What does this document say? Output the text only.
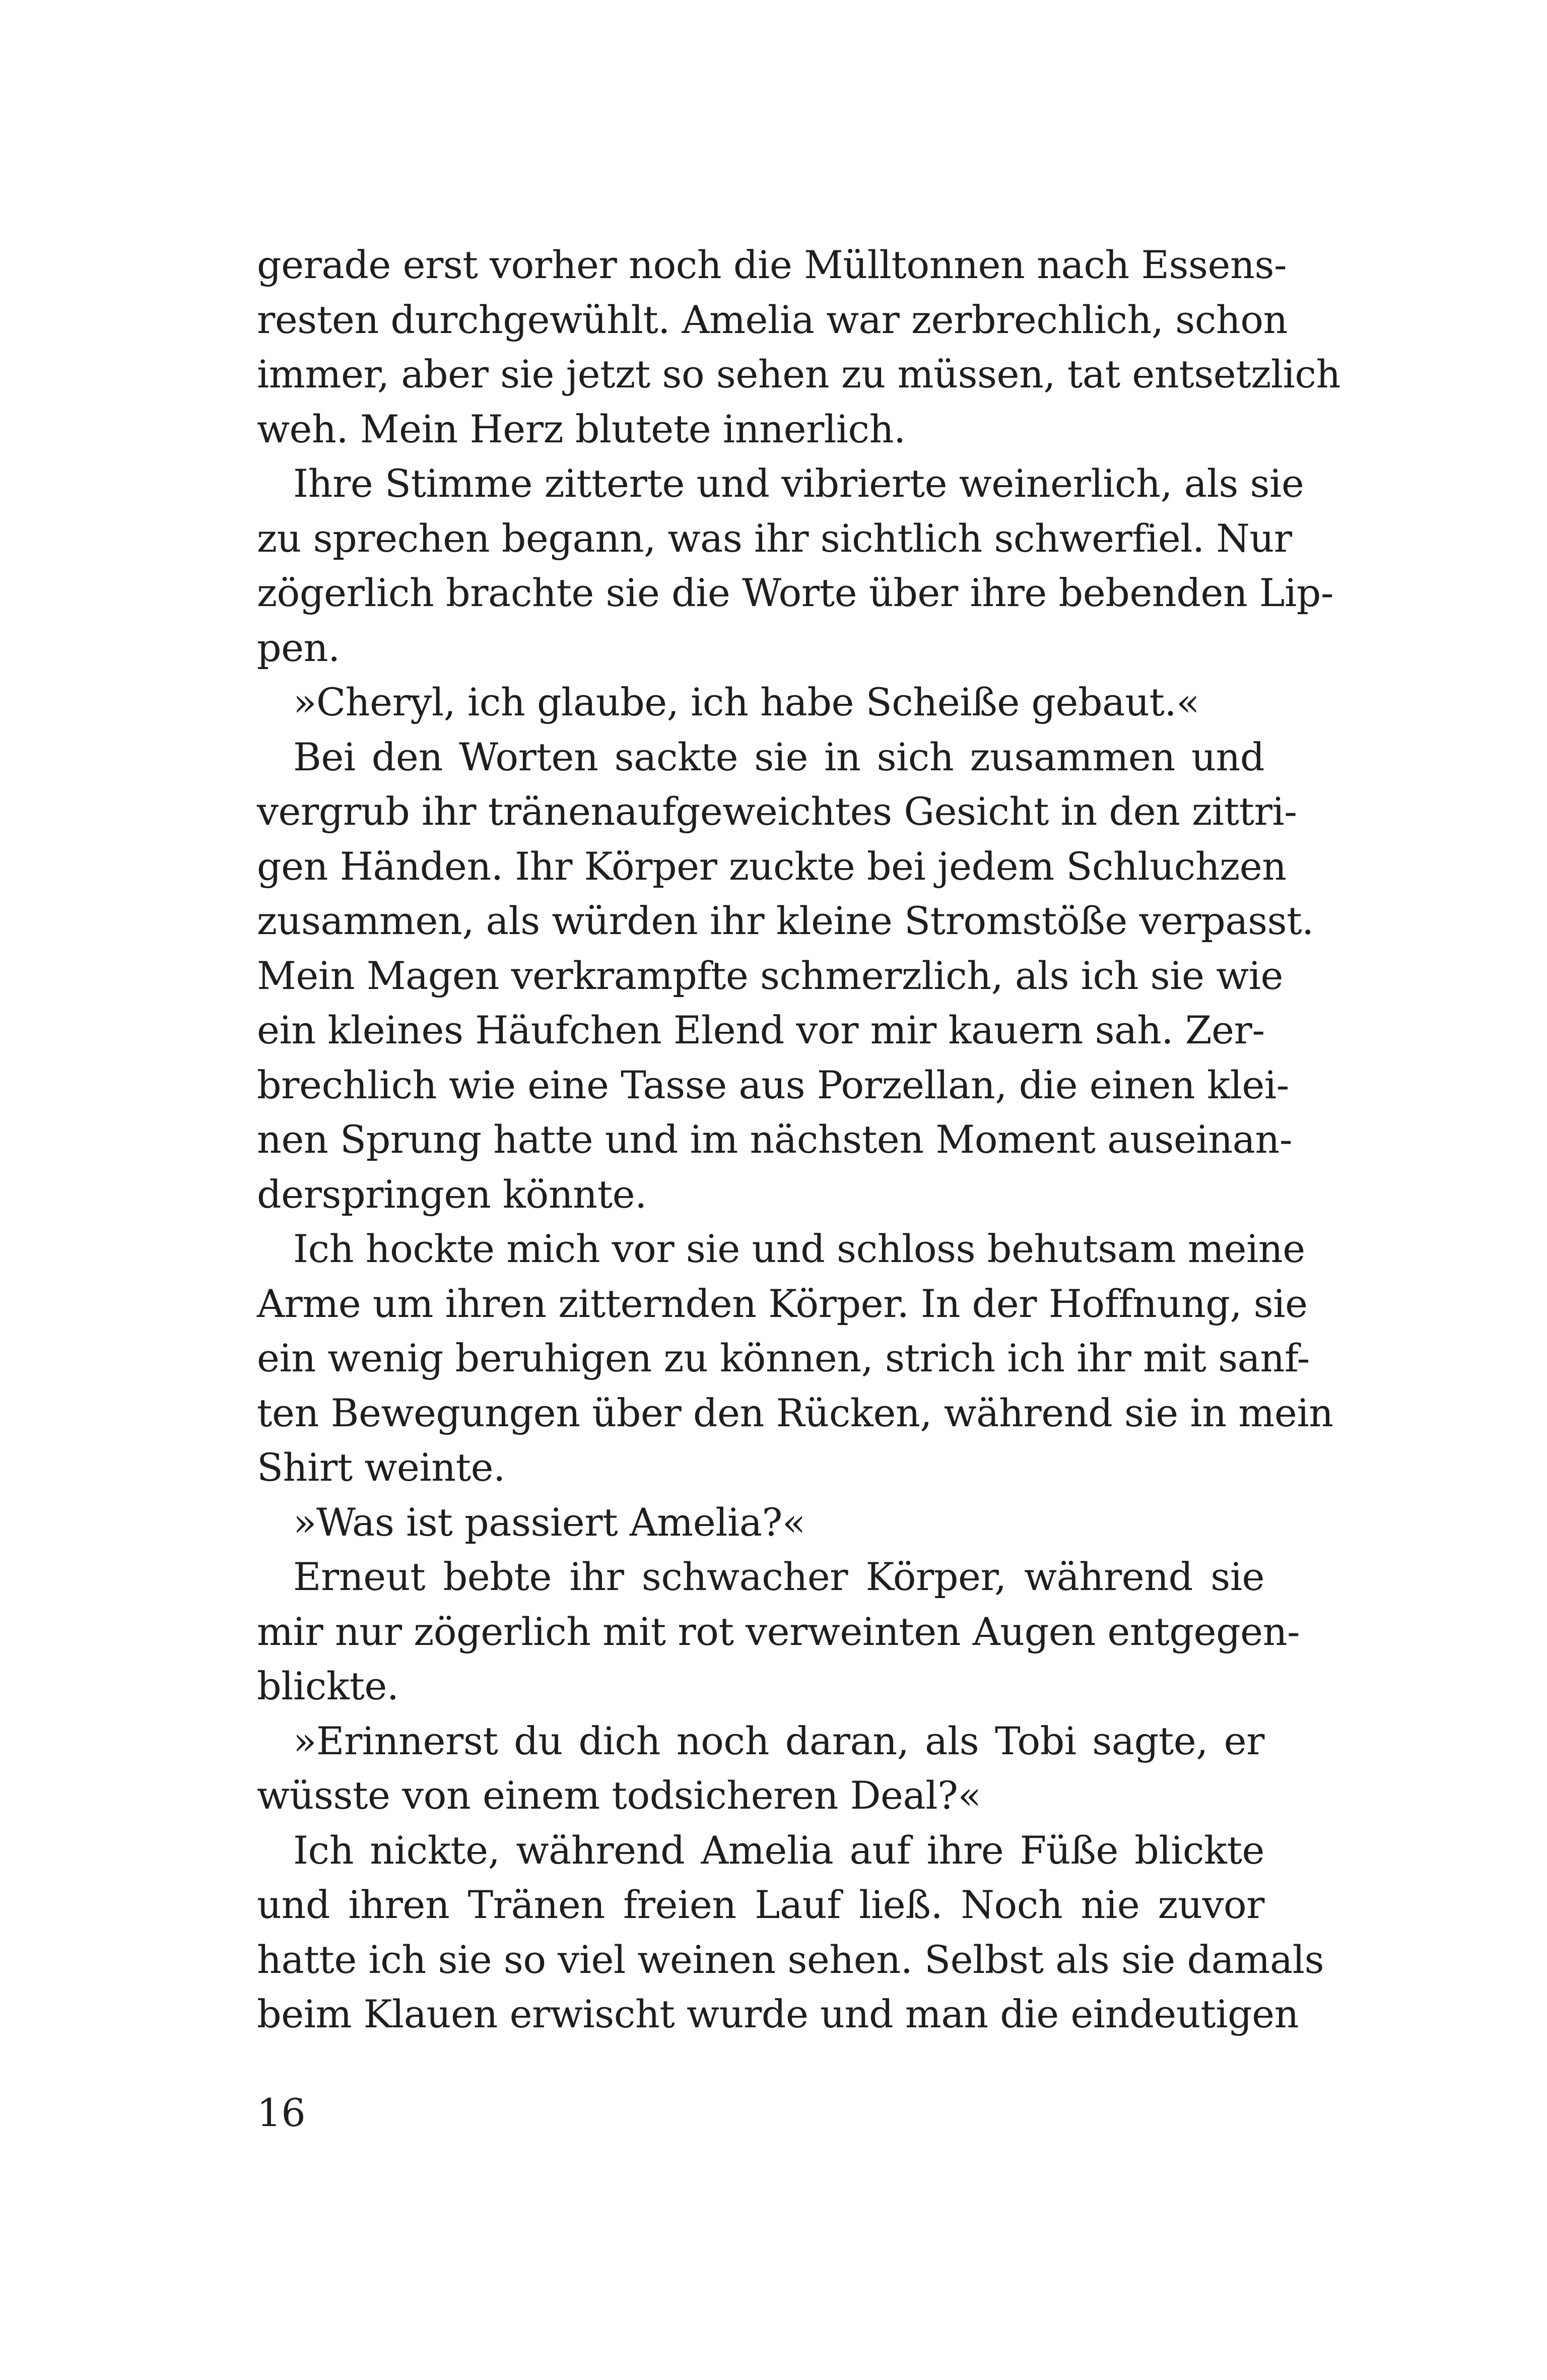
gerade erst vorher noch die Mülltonnen nach Essens-
resten durchgewühlt. Amelia war zerbrechlich, schon
immer, aber sie jetzt so sehen zu müssen, tat entsetzlich
weh. Mein Herz blutete innerlich.
Ihre Stimme zitterte und vibrierte weinerlich, als sie
zu sprechen begann, was ihr sichtlich schwerfiel. Nur
zögerlich brachte sie die Worte über ihre bebenden Lip-
pen.
»Cheryl, ich glaube, ich habe Scheiße gebaut.«
Bei den Worten sackte sie in sich zusammen und
vergrub ihr tränenaufgeweichtes Gesicht in den zittri-
gen Händen. Ihr Körper zuckte bei jedem Schluchzen
zusammen, als würden ihr kleine Stromstöße verpasst.
Mein Magen verkrampfte schmerzlich, als ich sie wie
ein kleines Häufchen Elend vor mir kauern sah. Zer-
brechlich wie eine Tasse aus Porzellan, die einen klei-
nen Sprung hatte und im nächsten Moment auseinan-
derspringen könnte.
Ich hockte mich vor sie und schloss behutsam meine
Arme um ihren zitternden Körper. In der Hoffnung, sie
ein wenig beruhigen zu können, strich ich ihr mit sanf-
ten Bewegungen über den Rücken, während sie in mein
Shirt weinte.
»Was ist passiert Amelia?«
Erneut bebte ihr schwacher Körper, während sie
mir nur zögerlich mit rot verweinten Augen entgegen-
blickte.
»Erinnerst du dich noch daran, als Tobi sagte, er
wüsste von einem todsicheren Deal?«
Ich nickte, während Amelia auf ihre Füße blickte
und ihren Tränen freien Lauf ließ. Noch nie zuvor
hatte ich sie so viel weinen sehen. Selbst als sie damals
beim Klauen erwischt wurde und man die eindeutigen
16
